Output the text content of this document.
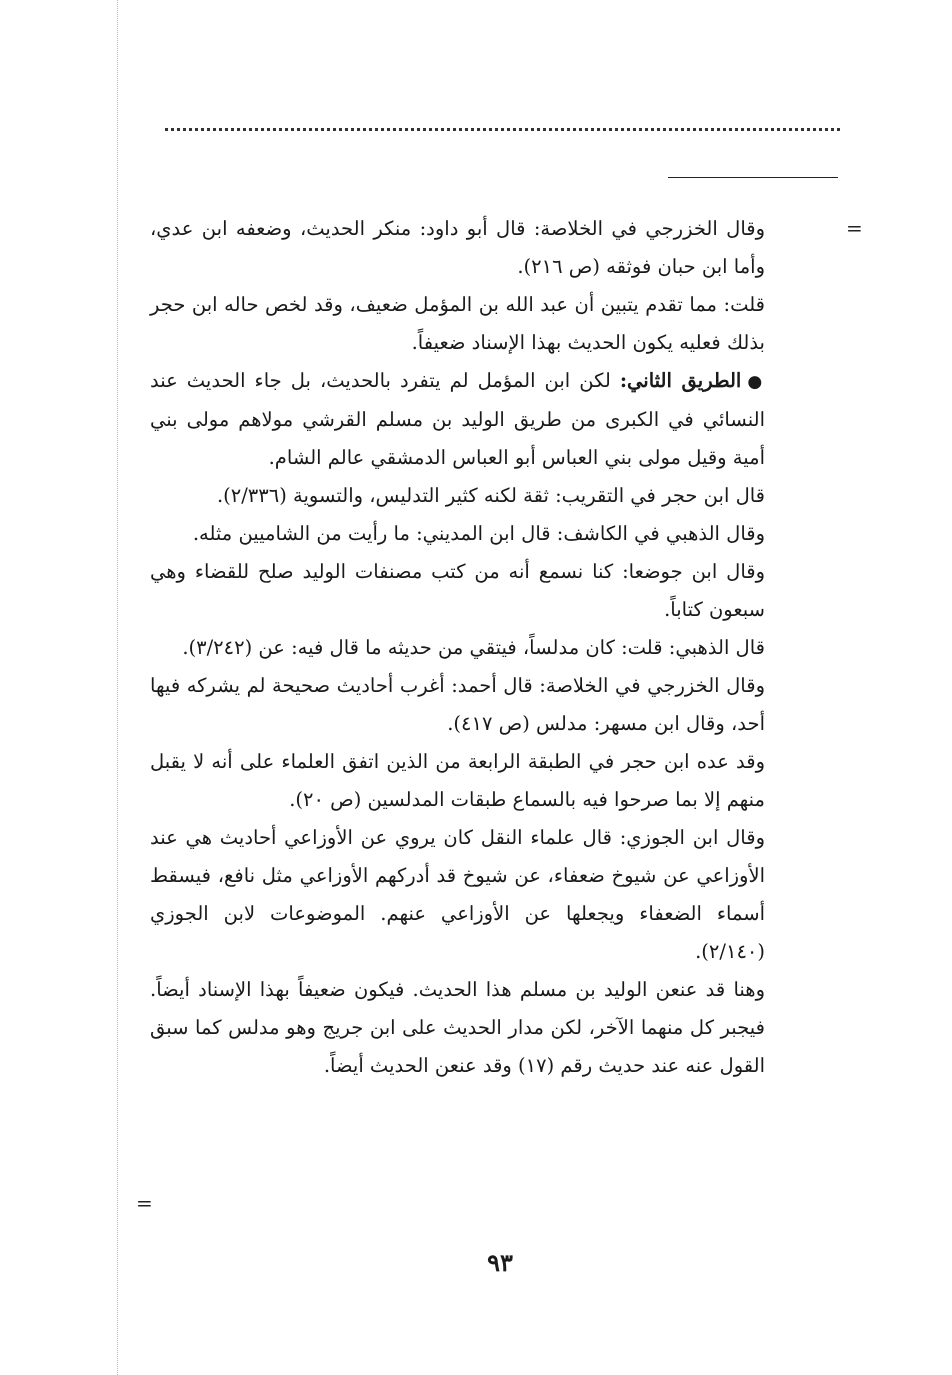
=

وقال الخزرجي في الخلاصة: قال أبو داود: منكر الحديث، وضعفه ابن عدي، وأما ابن حبان فوثقه (ص ٢١٦).

قلت: مما تقدم يتبين أن عبد الله بن المؤمل ضعيف، وقد لخص حاله ابن حجر بذلك فعليه يكون الحديث بهذا الإسناد ضعيفاً.

●الطريق الثاني: لكن ابن المؤمل لم يتفرد بالحديث، بل جاء الحديث عند النسائي في الكبرى من طريق الوليد بن مسلم القرشي مولاهم مولى بني أمية وقيل مولى بني العباس أبو العباس الدمشقي عالم الشام.

قال ابن حجر في التقريب: ثقة لكنه كثير التدليس، والتسوية (٢/٣٣٦).

وقال الذهبي في الكاشف: قال ابن المديني: ما رأيت من الشاميين مثله.

وقال ابن جوضعا: كنا نسمع أنه من كتب مصنفات الوليد صلح للقضاء وهي سبعون كتاباً.

قال الذهبي: قلت: كان مدلساً، فيتقي من حديثه ما قال فيه: عن (٣/٢٤٢).

وقال الخزرجي في الخلاصة: قال أحمد: أغرب أحاديث صحيحة لم يشركه فيها أحد، وقال ابن مسهر: مدلس (ص ٤١٧).

وقد عده ابن حجر في الطبقة الرابعة من الذين اتفق العلماء على أنه لا يقبل منهم إلا بما صرحوا فيه بالسماع طبقات المدلسين (ص ٢٠).

وقال ابن الجوزي: قال علماء النقل كان يروي عن الأوزاعي أحاديث هي عند الأوزاعي عن شيوخ ضعفاء، عن شيوخ قد أدركهم الأوزاعي مثل نافع، فيسقط أسماء الضعفاء ويجعلها عن الأوزاعي عنهم. الموضوعات لابن الجوزي (٢/١٤٠).

وهنا قد عنعن الوليد بن مسلم هذا الحديث. فيكون ضعيفاً بهذا الإسناد أيضاً. فيجبر كل منهما الآخر، لكن مدار الحديث على ابن جريج وهو مدلس كما سبق القول عنه عند حديث رقم (١٧) وقد عنعن الحديث أيضاً.

=
٩٣
